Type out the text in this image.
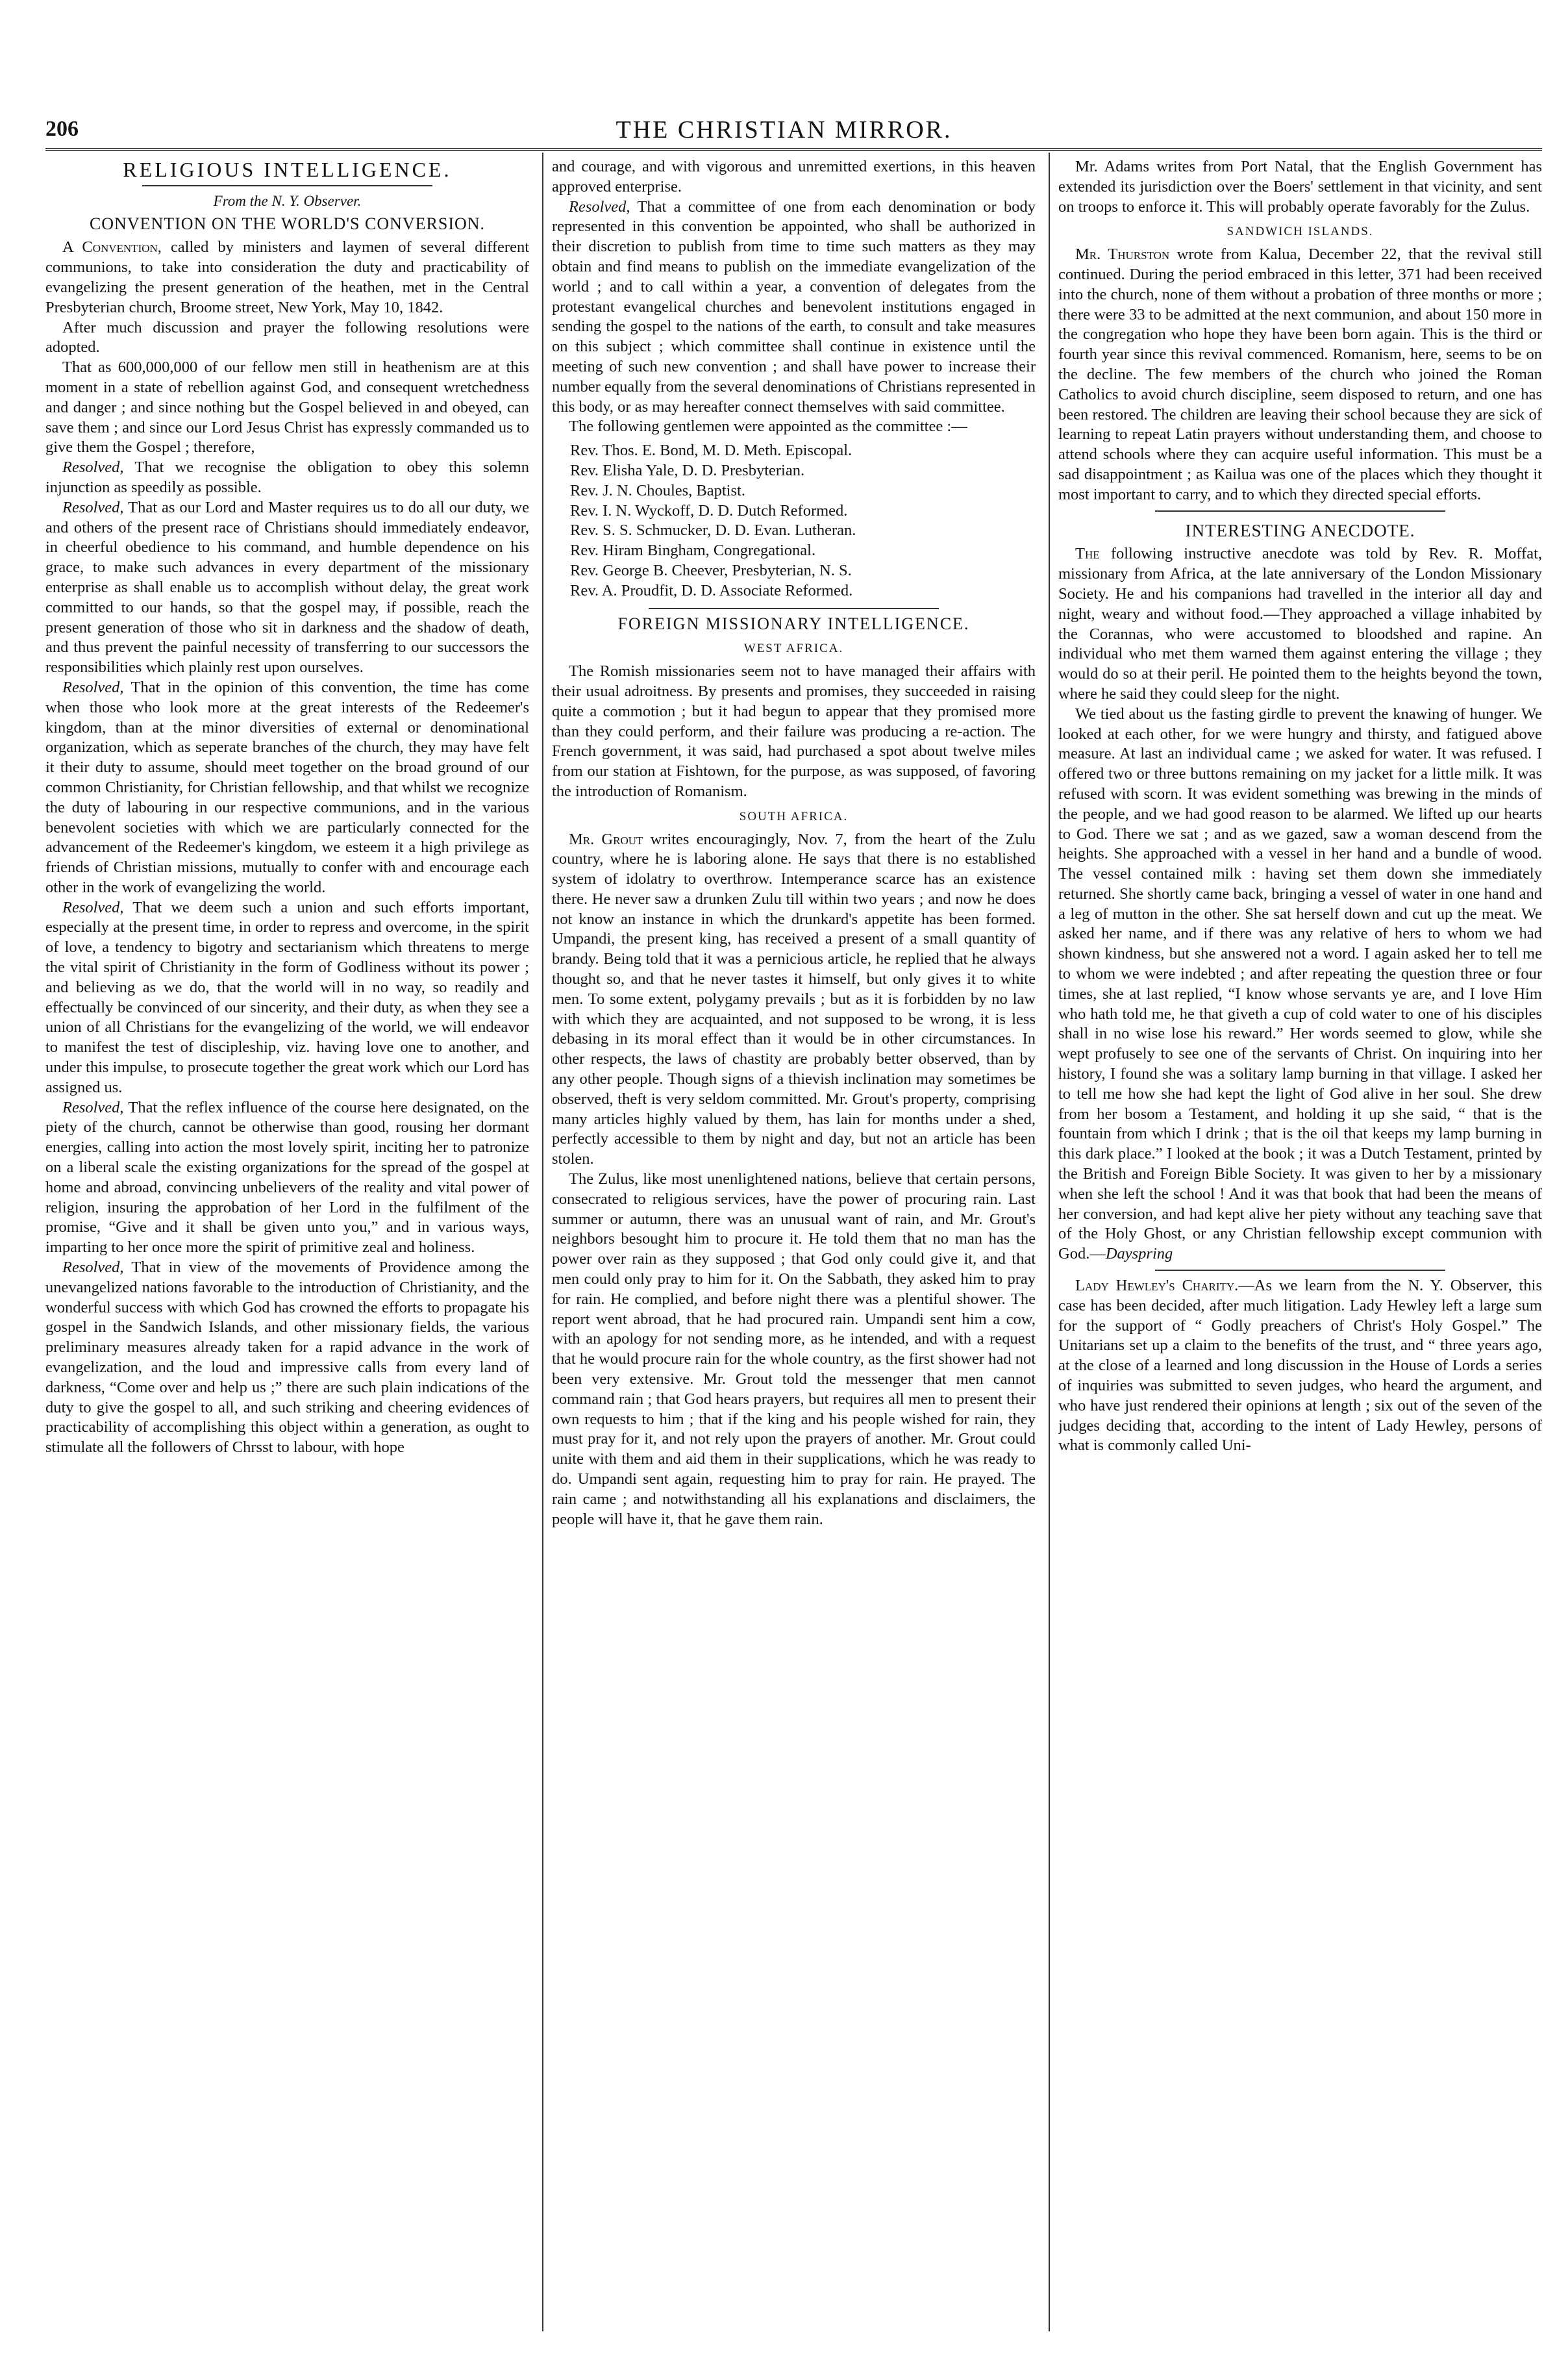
206	THE CHRISTIAN MIRROR.
RELIGIOUS INTELLIGENCE.
From the N. Y. Observer.
CONVENTION ON THE WORLD'S CONVERSION.

A Convention, called by ministers and laymen of several different communions, to take into consideration the duty and practicability of evangelizing the present generation of the heathen, met in the Central Presbyterian church, Broome street, New York, May 10, 1842.

After much discussion and prayer the following resolutions were adopted.

That as 600,000,000 of our fellow men still in heathenism are at this moment in a state of rebellion against God, and consequent wretchedness and danger ; and since nothing but the Gospel believed in and obeyed, can save them ; and since our Lord Jesus Christ has expressly commanded us to give them the Gospel ; therefore,

Resolved, That we recognise the obligation to obey this solemn injunction as speedily as possible.

Resolved, That as our Lord and Master requires us to do all our duty, we and others of the present race of Christians should immediately endeavor, in cheerful obedience to his command, and humble dependence on his grace, to make such advances in every department of the missionary enterprise as shall enable us to accomplish without delay, the great work committed to our hands, so that the gospel may, if possible, reach the present generation of those who sit in darkness and the shadow of death, and thus prevent the painful necessity of transferring to our successors the responsibilities which plainly rest upon ourselves.

Resolved, That in the opinion of this convention, the time has come when those who look more at the great interests of the Redeemer's kingdom, than at the minor diversities of external or denominational organization, which as seperate branches of the church, they may have felt it their duty to assume, should meet together on the broad ground of our common Christianity, for Christian fellowship, and that whilst we recognize the duty of labouring in our respective communions, and in the various benevolent societies with which we are particularly connected for the advancement of the Redeemer's kingdom, we esteem it a high privilege as friends of Christian missions, mutually to confer with and encourage each other in the work of evangelizing the world.

Resolved, That we deem such a union and such efforts important, especially at the present time, in order to repress and overcome, in the spirit of love, a tendency to bigotry and sectarianism which threatens to merge the vital spirit of Christianity in the form of Godliness without its power ; and believing as we do, that the world will in no way, so readily and effectually be convinced of our sincerity, and their duty, as when they see a union of all Christians for the evangelizing of the world, we will endeavor to manifest the test of discipleship, viz. having love one to another, and under this impulse, to prosecute together the great work which our Lord has assigned us.

Resolved, That the reflex influence of the course here designated, on the piety of the church, cannot be otherwise than good, rousing her dormant energies, calling into action the most lovely spirit, inciting her to patronize on a liberal scale the existing organizations for the spread of the gospel at home and abroad, convincing unbelievers of the reality and vital power of religion, insuring the approbation of her Lord in the fulfilment of the promise, “Give and it shall be given unto you,” and in various ways, imparting to her once more the spirit of primitive zeal and holiness.

Resolved, That in view of the movements of Providence among the unevangelized nations favorable to the introduction of Christianity, and the wonderful success with which God has crowned the efforts to propagate his gospel in the Sandwich Islands, and other missionary fields, the various preliminary measures already taken for a rapid advance in the work of evangelization, and the loud and impressive calls from every land of darkness, “Come over and help us ;” there are such plain indications of the duty to give the gospel to all, and such striking and cheering evidences of practicability of accomplishing this object within a generation, as ought to stimulate all the followers of Chrsst to labour, with hope

and courage, and with vigorous and unremitted exertions, in this heaven approved enterprise.

Resolved, That a committee of one from each denomination or body represented in this convention be appointed, who shall be authorized in their discretion to publish from time to time such matters as they may obtain and find means to publish on the immediate evangelization of the world ; and to call within a year, a convention of delegates from the protestant evangelical churches and benevolent institutions engaged in sending the gospel to the nations of the earth, to consult and take measures on this subject ; which committee shall continue in existence until the meeting of such new convention ; and shall have power to increase their number equally from the several denominations of Christians represented in this body, or as may hereafter connect themselves with said committee.

The following gentlemen were appointed as the committee :—

Rev. Thos. E. Bond, M. D. Meth. Episcopal.
Rev. Elisha Yale, D. D. Presbyterian.
Rev. J. N. Choules, Baptist.
Rev. I. N. Wyckoff, D. D. Dutch Reformed.
Rev. S. S. Schmucker, D. D. Evan. Lutheran.
Rev. Hiram Bingham, Congregational.
Rev. George B. Cheever, Presbyterian, N. S.
Rev. A. Proudfit, D. D. Associate Reformed.
FOREIGN MISSIONARY INTELLIGENCE.
WEST AFRICA.

The Romish missionaries seem not to have managed their affairs with their usual adroitness. By presents and promises, they succeeded in raising quite a commotion ; but it had begun to appear that they promised more than they could perform, and their failure was producing a re-action. The French government, it was said, had purchased a spot about twelve miles from our station at Fishtown, for the purpose, as was supposed, of favoring the introduction of Romanism.

SOUTH AFRICA.

Mr. Grout writes encouragingly, Nov. 7, from the heart of the Zulu country, where he is laboring alone. He says that there is no established system of idolatry to overthrow. Intemperance scarce has an existence there. He never saw a drunken Zulu till within two years ; and now he does not know an instance in which the drunkard's appetite has been formed. Umpandi, the present king, has received a present of a small quantity of brandy. Being told that it was a pernicious article, he replied that he always thought so, and that he never tastes it himself, but only gives it to white men. To some extent, polygamy prevails ; but as it is forbidden by no law with which they are acquainted, and not supposed to be wrong, it is less debasing in its moral effect than it would be in other circumstances. In other respects, the laws of chastity are probably better observed, than by any other people. Though signs of a thievish inclination may sometimes be observed, theft is very seldom committed. Mr. Grout's property, comprising many articles highly valued by them, has lain for months under a shed, perfectly accessible to them by night and day, but not an article has been stolen.

The Zulus, like most unenlightened nations, believe that certain persons, consecrated to religious services, have the power of procuring rain. Last summer or autumn, there was an unusual want of rain, and Mr. Grout's neighbors besought him to procure it. He told them that no man has the power over rain as they supposed ; that God only could give it, and that men could only pray to him for it. On the Sabbath, they asked him to pray for rain. He complied, and before night there was a plentiful shower. The report went abroad, that he had procured rain. Umpandi sent him a cow, with an apology for not sending more, as he intended, and with a request that he would procure rain for the whole country, as the first shower had not been very extensive. Mr. Grout told the messenger that men cannot command rain ; that God hears prayers, but requires all men to present their own requests to him ; that if the king and his people wished for rain, they must pray for it, and not rely upon the prayers of another. Mr. Grout could unite with them and aid them in their supplications, which he was ready to do. Umpandi sent again, requesting him to pray for rain. He prayed. The rain came ; and notwithstanding all his explanations and disclaimers, the people will have it, that he gave them rain.

Mr. Adams writes from Port Natal, that the English Government has extended its jurisdiction over the Boers' settlement in that vicinity, and sent on troops to enforce it. This will probably operate favorably for the Zulus.

SANDWICH ISLANDS.

Mr. Thurston wrote from Kalua, December 22, that the revival still continued. During the period embraced in this letter, 371 had been received into the church, none of them without a probation of three months or more ; there were 33 to be admitted at the next communion, and about 150 more in the congregation who hope they have been born again. This is the third or fourth year since this revival commenced. Romanism, here, seems to be on the decline. The few members of the church who joined the Roman Catholics to avoid church discipline, seem disposed to return, and one has been restored. The children are leaving their school because they are sick of learning to repeat Latin prayers without understanding them, and choose to attend schools where they can acquire useful information. This must be a sad disappointment ; as Kailua was one of the places which they thought it most important to carry, and to which they directed special efforts.

INTERESTING ANECDOTE.

The following instructive anecdote was told by Rev. R. Moffat, missionary from Africa, at the late anniversary of the London Missionary Society. He and his companions had travelled in the interior all day and night, weary and without food.—They approached a village inhabited by the Corannas, who were accustomed to bloodshed and rapine. An individual who met them warned them against entering the village ; they would do so at their peril. He pointed them to the heights beyond the town, where he said they could sleep for the night.

We tied about us the fasting girdle to prevent the knawing of hunger. We looked at each other, for we were hungry and thirsty, and fatigued above measure. At last an individual came ; we asked for water. It was refused. I offered two or three buttons remaining on my jacket for a little milk. It was refused with scorn. It was evident something was brewing in the minds of the people, and we had good reason to be alarmed. We lifted up our hearts to God. There we sat ; and as we gazed, saw a woman descend from the heights. She approached with a vessel in her hand and a bundle of wood. The vessel contained milk : having set them down she immediately returned. She shortly came back, bringing a vessel of water in one hand and a leg of mutton in the other. She sat herself down and cut up the meat. We asked her name, and if there was any relative of hers to whom we had shown kindness, but she answered not a word. I again asked her to tell me to whom we were indebted ; and after repeating the question three or four times, she at last replied, “I know whose servants ye are, and I love Him who hath told me, he that giveth a cup of cold water to one of his disciples shall in no wise lose his reward.” Her words seemed to glow, while she wept profusely to see one of the servants of Christ. On inquiring into her history, I found she was a solitary lamp burning in that village. I asked her to tell me how she had kept the light of God alive in her soul. She drew from her bosom a Testament, and holding it up she said, “ that is the fountain from which I drink ; that is the oil that keeps my lamp burning in this dark place.” I looked at the book ; it was a Dutch Testament, printed by the British and Foreign Bible Society. It was given to her by a missionary when she left the school ! And it was that book that had been the means of her conversion, and had kept alive her piety without any teaching save that of the Holy Ghost, or any Christian fellowship except communion with God.—Dayspring

Lady Hewley's Charity.—As we learn from the N. Y. Observer, this case has been decided, after much litigation. Lady Hewley left a large sum for the support of “ Godly preachers of Christ's Holy Gospel.” The Unitarians set up a claim to the benefits of the trust, and “ three years ago, at the close of a learned and long discussion in the House of Lords a series of inquiries was submitted to seven judges, who heard the argument, and who have just rendered their opinions at length ; six out of the seven of the judges deciding that, according to the intent of Lady Hewley, persons of what is commonly called Uni-
